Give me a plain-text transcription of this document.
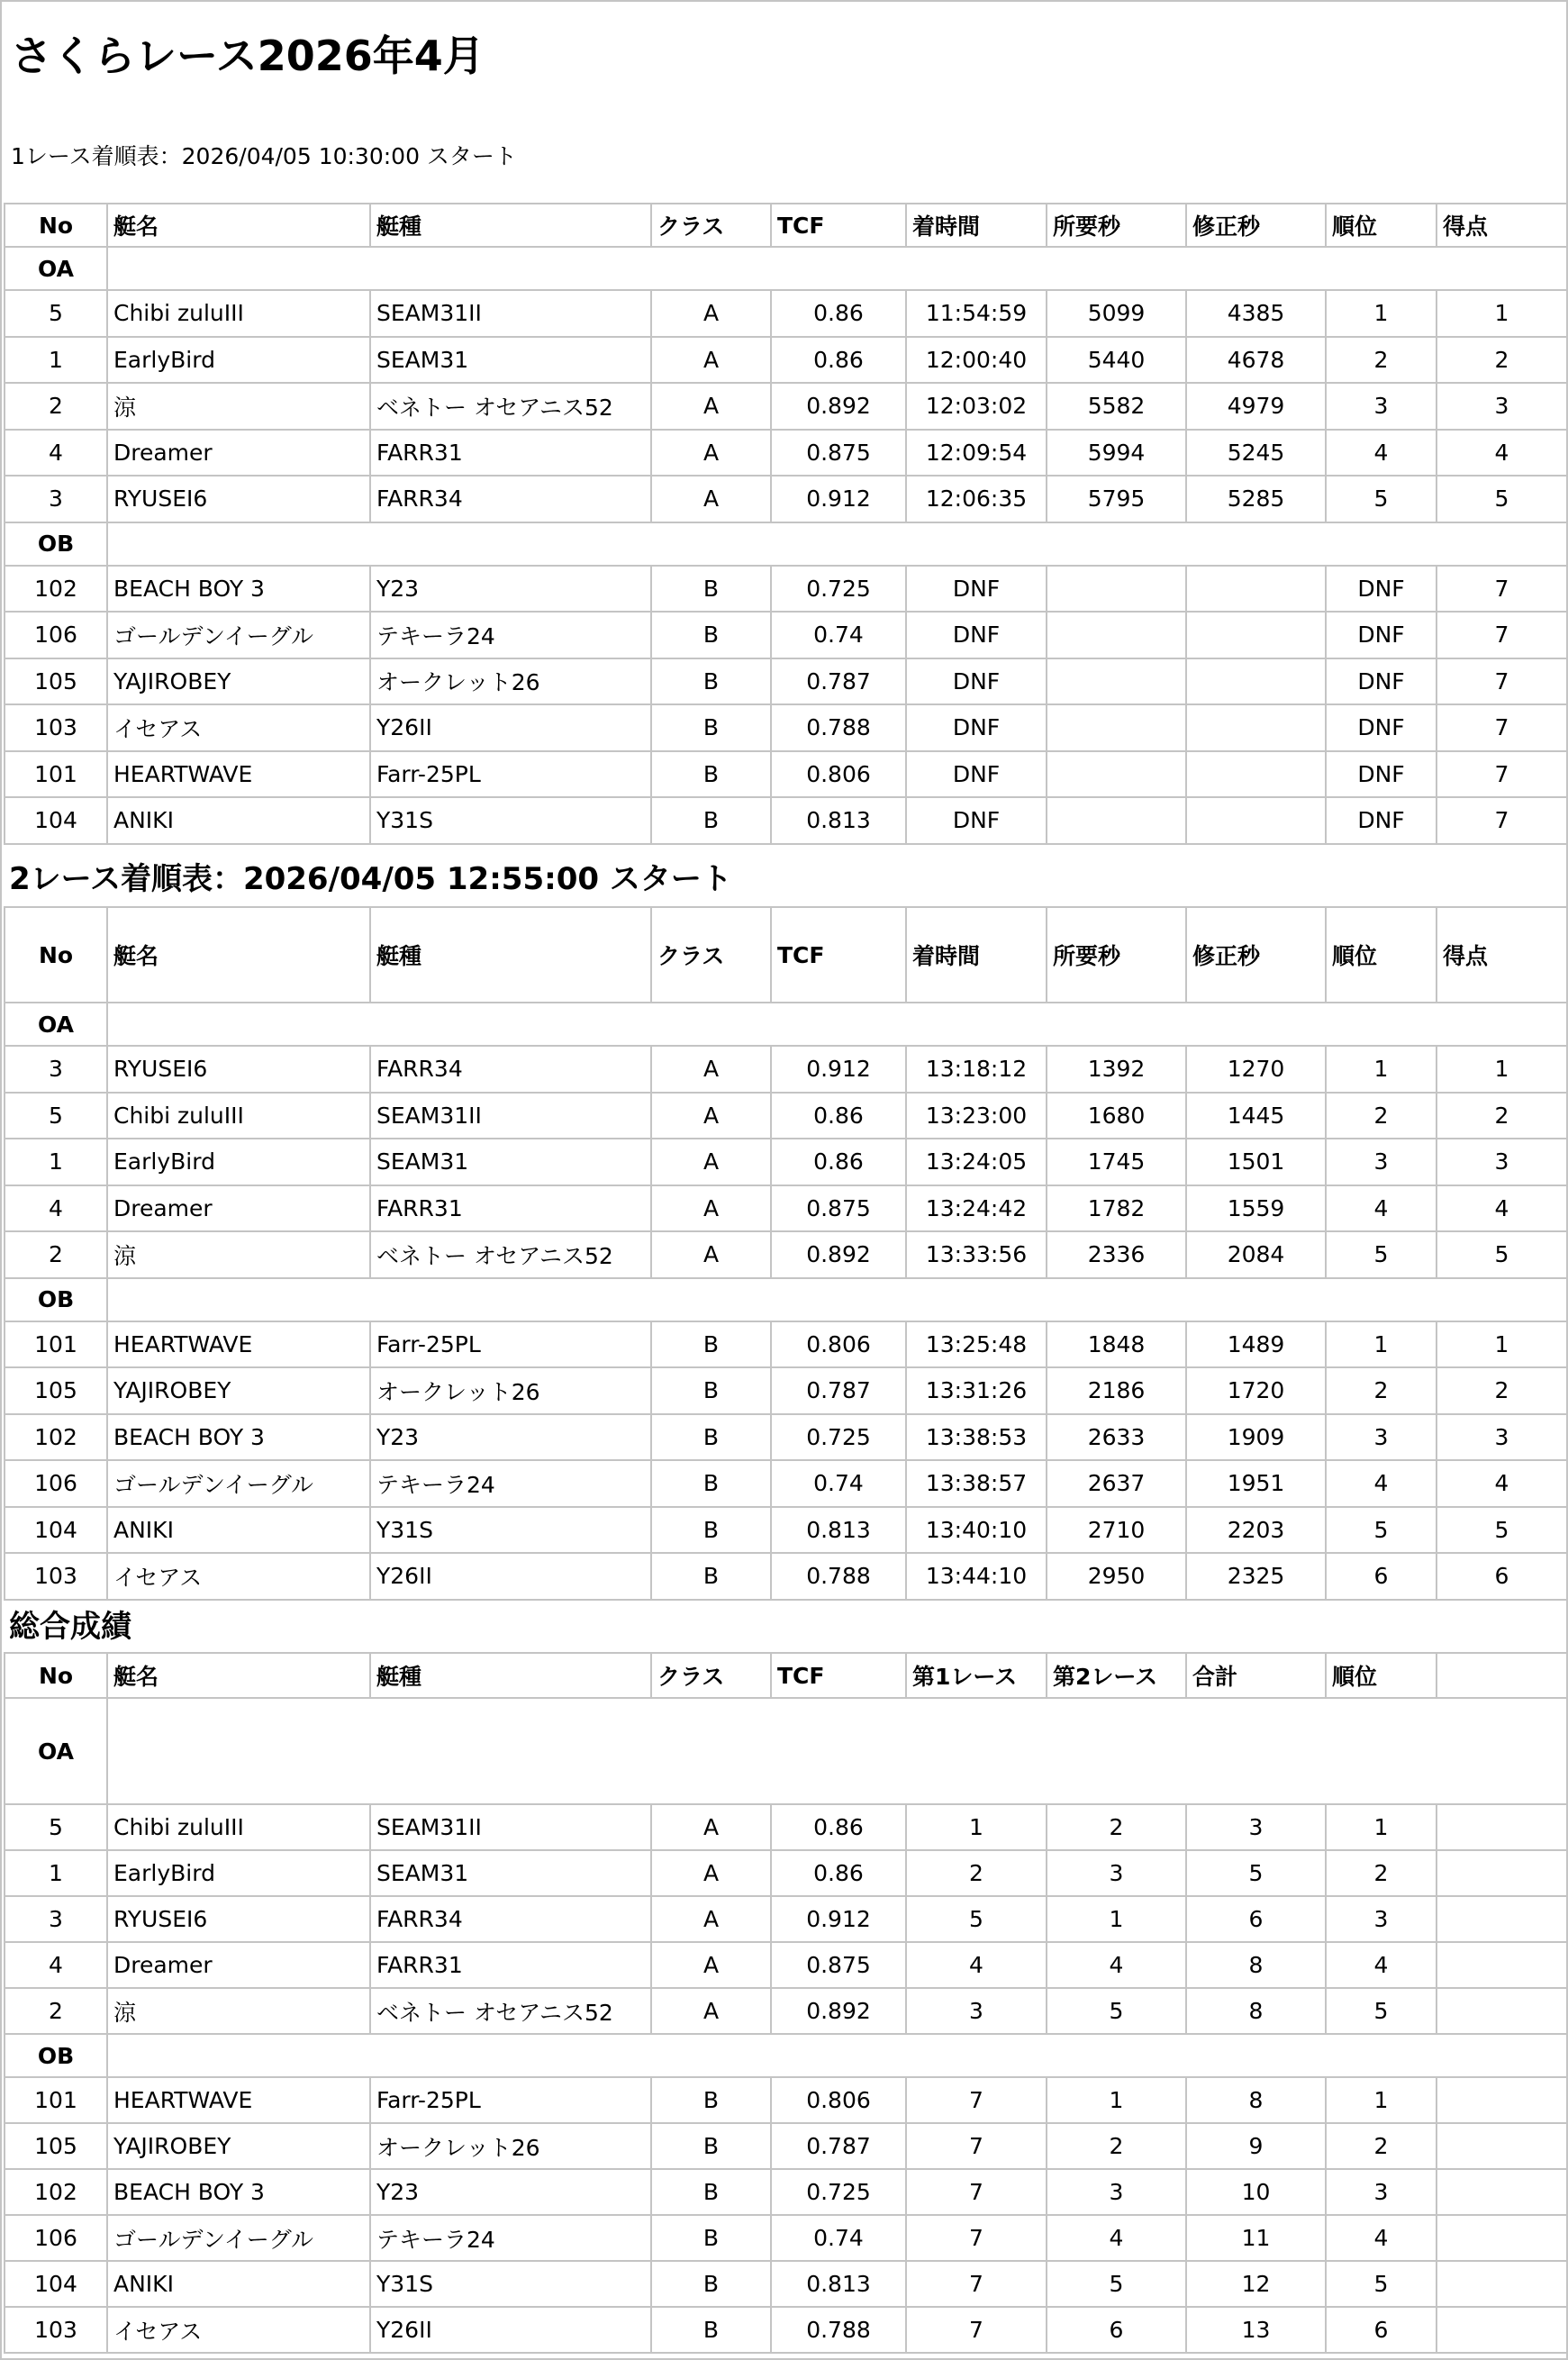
さくらレース2026年4月
1レース着順表：2026/04/05 10:30:00 スタート
No	艇名	艇種	クラス	TCF	着時間	所要秒	修正秒	順位	得点
OA									
5	Chibi zuluIII	SEAM31II	A	0.86	11:54:59	5099	4385	1	1
1	EarlyBird	SEAM31	A	0.86	12:00:40	5440	4678	2	2
2	涼	ベネトー オセアニス52	A	0.892	12:03:02	5582	4979	3	3
4	Dreamer	FARR31	A	0.875	12:09:54	5994	5245	4	4
3	RYUSEI6	FARR34	A	0.912	12:06:35	5795	5285	5	5
OB									
102	BEACH BOY 3	Y23	B	0.725	DNF			DNF	7
106	ゴールデンイーグル	テキーラ24	B	0.74	DNF			DNF	7
105	YAJIROBEY	オークレット26	B	0.787	DNF			DNF	7
103	イセアス	Y26II	B	0.788	DNF			DNF	7
101	HEARTWAVE	Farr-25PL	B	0.806	DNF			DNF	7
104	ANIKI	Y31S	B	0.813	DNF			DNF	7
2レース着順表：2026/04/05 12:55:00 スタート
No	艇名	艇種	クラス	TCF	着時間	所要秒	修正秒	順位	得点
OA									
3	RYUSEI6	FARR34	A	0.912	13:18:12	1392	1270	1	1
5	Chibi zuluIII	SEAM31II	A	0.86	13:23:00	1680	1445	2	2
1	EarlyBird	SEAM31	A	0.86	13:24:05	1745	1501	3	3
4	Dreamer	FARR31	A	0.875	13:24:42	1782	1559	4	4
2	涼	ベネトー オセアニス52	A	0.892	13:33:56	2336	2084	5	5
OB									
101	HEARTWAVE	Farr-25PL	B	0.806	13:25:48	1848	1489	1	1
105	YAJIROBEY	オークレット26	B	0.787	13:31:26	2186	1720	2	2
102	BEACH BOY 3	Y23	B	0.725	13:38:53	2633	1909	3	3
106	ゴールデンイーグル	テキーラ24	B	0.74	13:38:57	2637	1951	4	4
104	ANIKI	Y31S	B	0.813	13:40:10	2710	2203	5	5
103	イセアス	Y26II	B	0.788	13:44:10	2950	2325	6	6
総合成績
No	艇名	艇種	クラス	TCF	第1レース	第2レース	合計	順位	
OA									
5	Chibi zuluIII	SEAM31II	A	0.86	1	2	3	1	
1	EarlyBird	SEAM31	A	0.86	2	3	5	2	
3	RYUSEI6	FARR34	A	0.912	5	1	6	3	
4	Dreamer	FARR31	A	0.875	4	4	8	4	
2	涼	ベネトー オセアニス52	A	0.892	3	5	8	5	
OB									
101	HEARTWAVE	Farr-25PL	B	0.806	7	1	8	1	
105	YAJIROBEY	オークレット26	B	0.787	7	2	9	2	
102	BEACH BOY 3	Y23	B	0.725	7	3	10	3	
106	ゴールデンイーグル	テキーラ24	B	0.74	7	4	11	4	
104	ANIKI	Y31S	B	0.813	7	5	12	5	
103	イセアス	Y26II	B	0.788	7	6	13	6	
